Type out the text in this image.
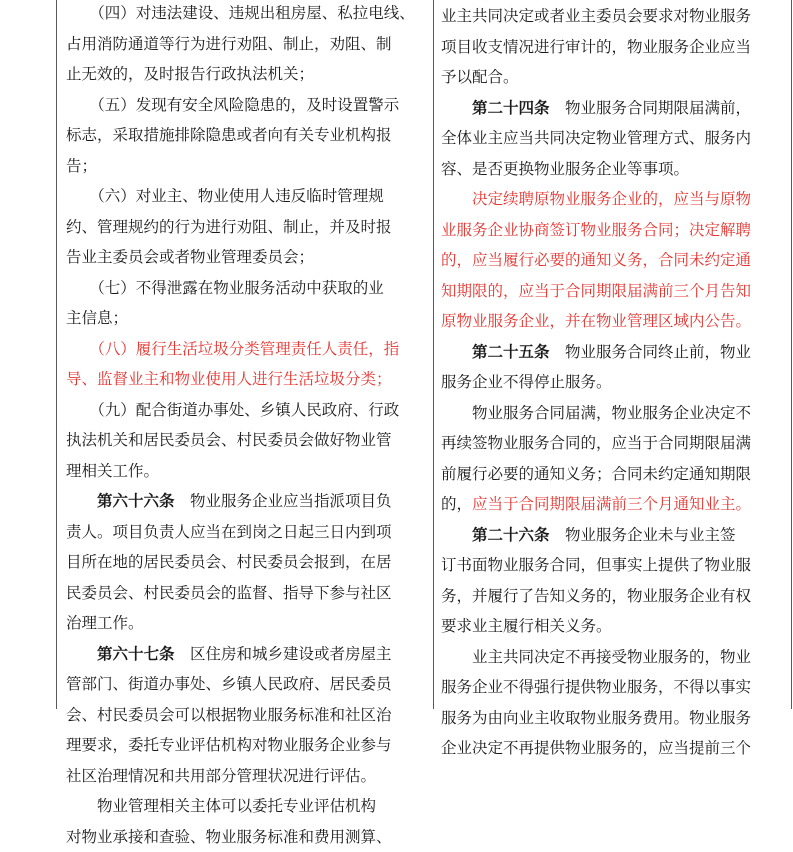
　　（四）对违法建设、违规出租房屋、私拉电线、
占用消防通道等行为进行劝阻、制止，劝阻、制
止无效的，及时报告行政执法机关；
　　（五）发现有安全风险隐患的，及时设置警示
标志，采取措施排除隐患或者向有关专业机构报
告；
　　（六）对业主、物业使用人违反临时管理规
约、管理规约的行为进行劝阻、制止，并及时报
告业主委员会或者物业管理委员会；
　　（七）不得泄露在物业服务活动中获取的业
主信息；
　　（八）履行生活垃圾分类管理责任人责任，指
导、监督业主和物业使用人进行生活垃圾分类；
　　（九）配合街道办事处、乡镇人民政府、行政
执法机关和居民委员会、村民委员会做好物业管
理相关工作。
　　第六十六条　物业服务企业应当指派项目负
责人。项目负责人应当在到岗之日起三日内到项
目所在地的居民委员会、村民委员会报到，在居
民委员会、村民委员会的监督、指导下参与社区
治理工作。
　　第六十七条　区住房和城乡建设或者房屋主
管部门、街道办事处、乡镇人民政府、居民委员
会、村民委员会可以根据物业服务标准和社区治
理要求，委托专业评估机构对物业服务企业参与
社区治理情况和共用部分管理状况进行评估。
　　物业管理相关主体可以委托专业评估机构
对物业承接和查验、物业服务标准和费用测算、
业主共同决定或者业主委员会要求对物业服务
项目收支情况进行审计的，物业服务企业应当
予以配合。
　　第二十四条　物业服务合同期限届满前，
全体业主应当共同决定物业管理方式、服务内
容、是否更换物业服务企业等事项。
　　决定续聘原物业服务企业的，应当与原物
业服务企业协商签订物业服务合同；决定解聘
的，应当履行必要的通知义务，合同未约定通
知期限的，应当于合同期限届满前三个月告知
原物业服务企业，并在物业管理区域内公告。
　　第二十五条　物业服务合同终止前，物业
服务企业不得停止服务。
　　物业服务合同届满，物业服务企业决定不
再续签物业服务合同的，应当于合同期限届满
前履行必要的通知义务；合同未约定通知期限
的，应当于合同期限届满前三个月通知业主。
　　第二十六条　物业服务企业未与业主签
订书面物业服务合同，但事实上提供了物业服
务，并履行了告知义务的，物业服务企业有权
要求业主履行相关义务。
　　业主共同决定不再接受物业服务的，物业
服务企业不得强行提供物业服务，不得以事实
服务为由向业主收取物业服务费用。物业服务
企业决定不再提供物业服务的，应当提前三个
